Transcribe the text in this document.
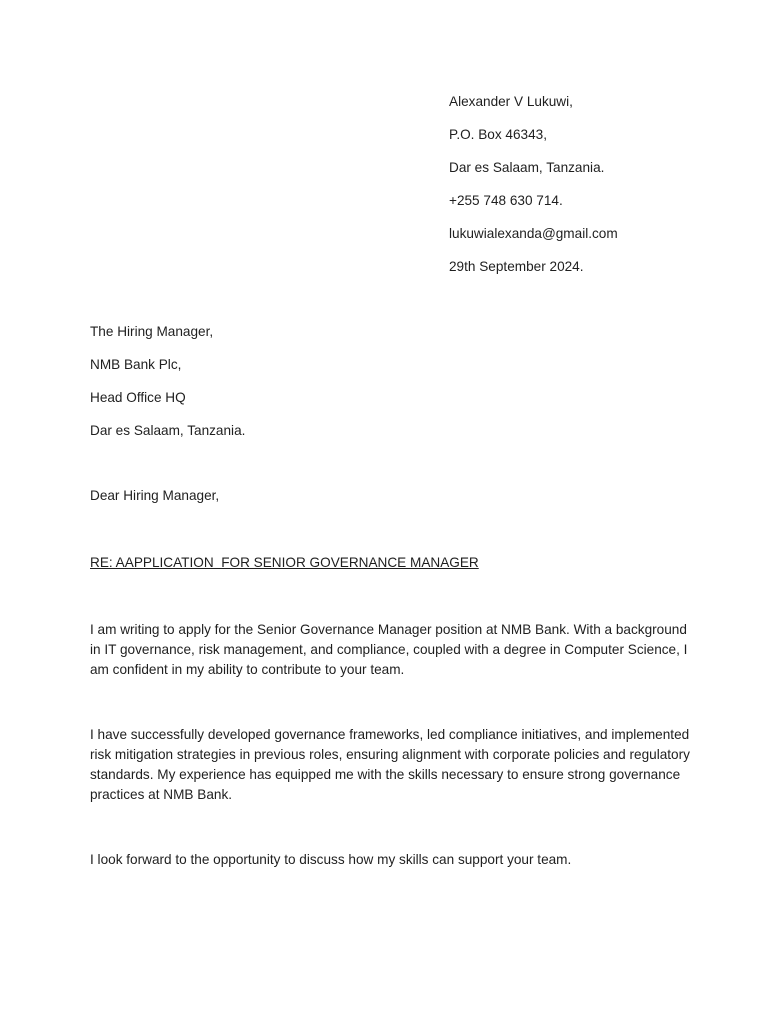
Alexander V Lukuwi,
P.O. Box 46343,
Dar es Salaam, Tanzania.
+255 748 630 714.
lukuwialexanda@gmail.com
29th September 2024.
The Hiring Manager,
NMB Bank Plc,
Head Office HQ
Dar es Salaam, Tanzania.
Dear Hiring Manager,
RE: AAPPLICATION  FOR SENIOR GOVERNANCE MANAGER
I am writing to apply for the Senior Governance Manager position at NMB Bank. With a background in IT governance, risk management, and compliance, coupled with a degree in Computer Science, I am confident in my ability to contribute to your team.
I have successfully developed governance frameworks, led compliance initiatives, and implemented risk mitigation strategies in previous roles, ensuring alignment with corporate policies and regulatory standards. My experience has equipped me with the skills necessary to ensure strong governance practices at NMB Bank.
I look forward to the opportunity to discuss how my skills can support your team.
